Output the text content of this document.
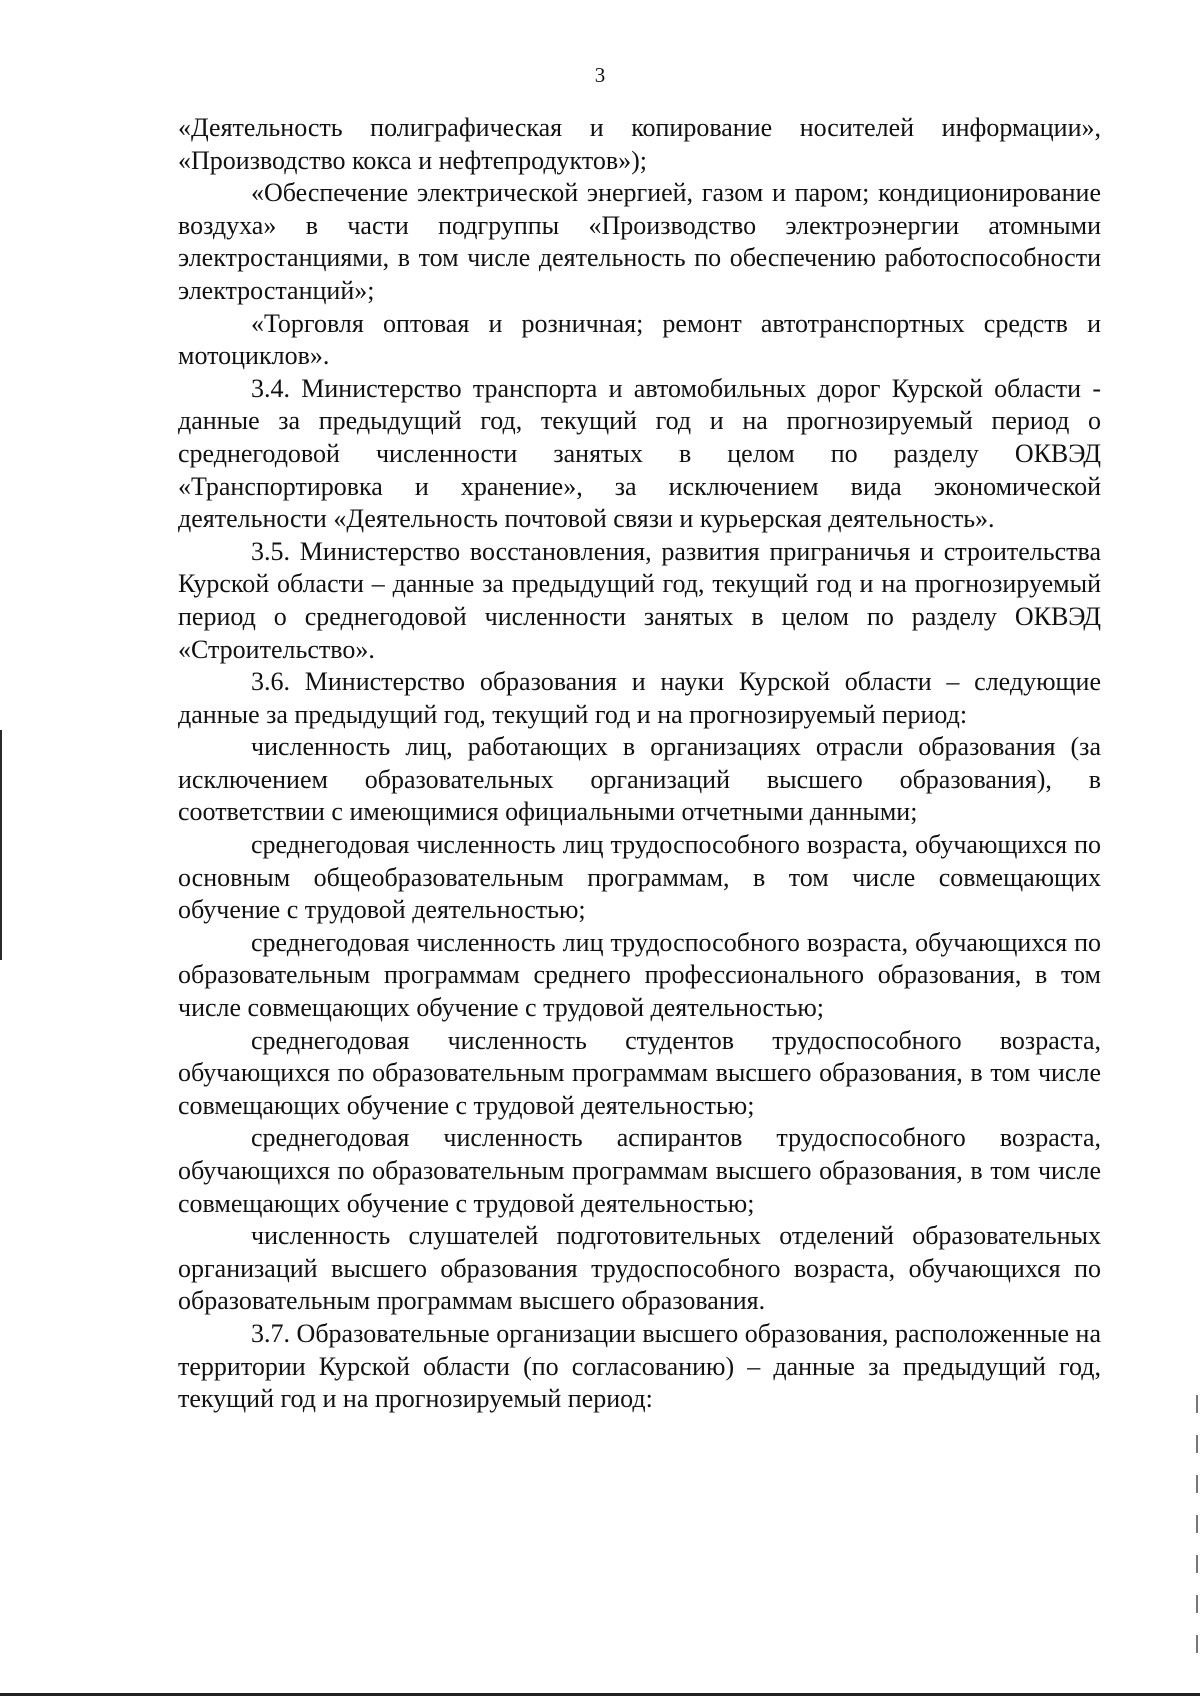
3

«Деятельность полиграфическая и копирование носителей информации», «Производство кокса и нефтепродуктов»);

«Обеспечение электрической энергией, газом и паром; кондиционирование воздуха» в части подгруппы «Производство электроэнергии атомными электростанциями, в том числе деятельность по обеспечению работоспособности электростанций»;

«Торговля оптовая и розничная; ремонт автотранспортных средств и мотоциклов».

3.4. Министерство транспорта и автомобильных дорог Курской области - данные за предыдущий год, текущий год и на прогнозируемый период о среднегодовой численности занятых в целом по разделу ОКВЭД «Транспортировка и хранение», за исключением вида экономической деятельности «Деятельность почтовой связи и курьерская деятельность».

3.5. Министерство восстановления, развития приграничья и строительства Курской области – данные за предыдущий год, текущий год и на прогнозируемый период о среднегодовой численности занятых в целом по разделу ОКВЭД «Строительство».

3.6. Министерство образования и науки Курской области – следующие данные за предыдущий год, текущий год и на прогнозируемый период:

численность лиц, работающих в организациях отрасли образования (за исключением образовательных организаций высшего образования), в соответствии с имеющимися официальными отчетными данными;

среднегодовая численность лиц трудоспособного возраста, обучающихся по основным общеобразовательным программам, в том числе совмещающих обучение с трудовой деятельностью;

среднегодовая численность лиц трудоспособного возраста, обучающихся по образовательным программам среднего профессионального образования, в том числе совмещающих обучение с трудовой деятельностью;

среднегодовая численность студентов трудоспособного возраста, обучающихся по образовательным программам высшего образования, в том числе совмещающих обучение с трудовой деятельностью;

среднегодовая численность аспирантов трудоспособного возраста, обучающихся по образовательным программам высшего образования, в том числе совмещающих обучение с трудовой деятельностью;

численность слушателей подготовительных отделений образовательных организаций высшего образования трудоспособного возраста, обучающихся по образовательным программам высшего образования.

3.7. Образовательные организации высшего образования, расположенные на территории Курской области (по согласованию) – данные за предыдущий год, текущий год и на прогнозируемый период:
